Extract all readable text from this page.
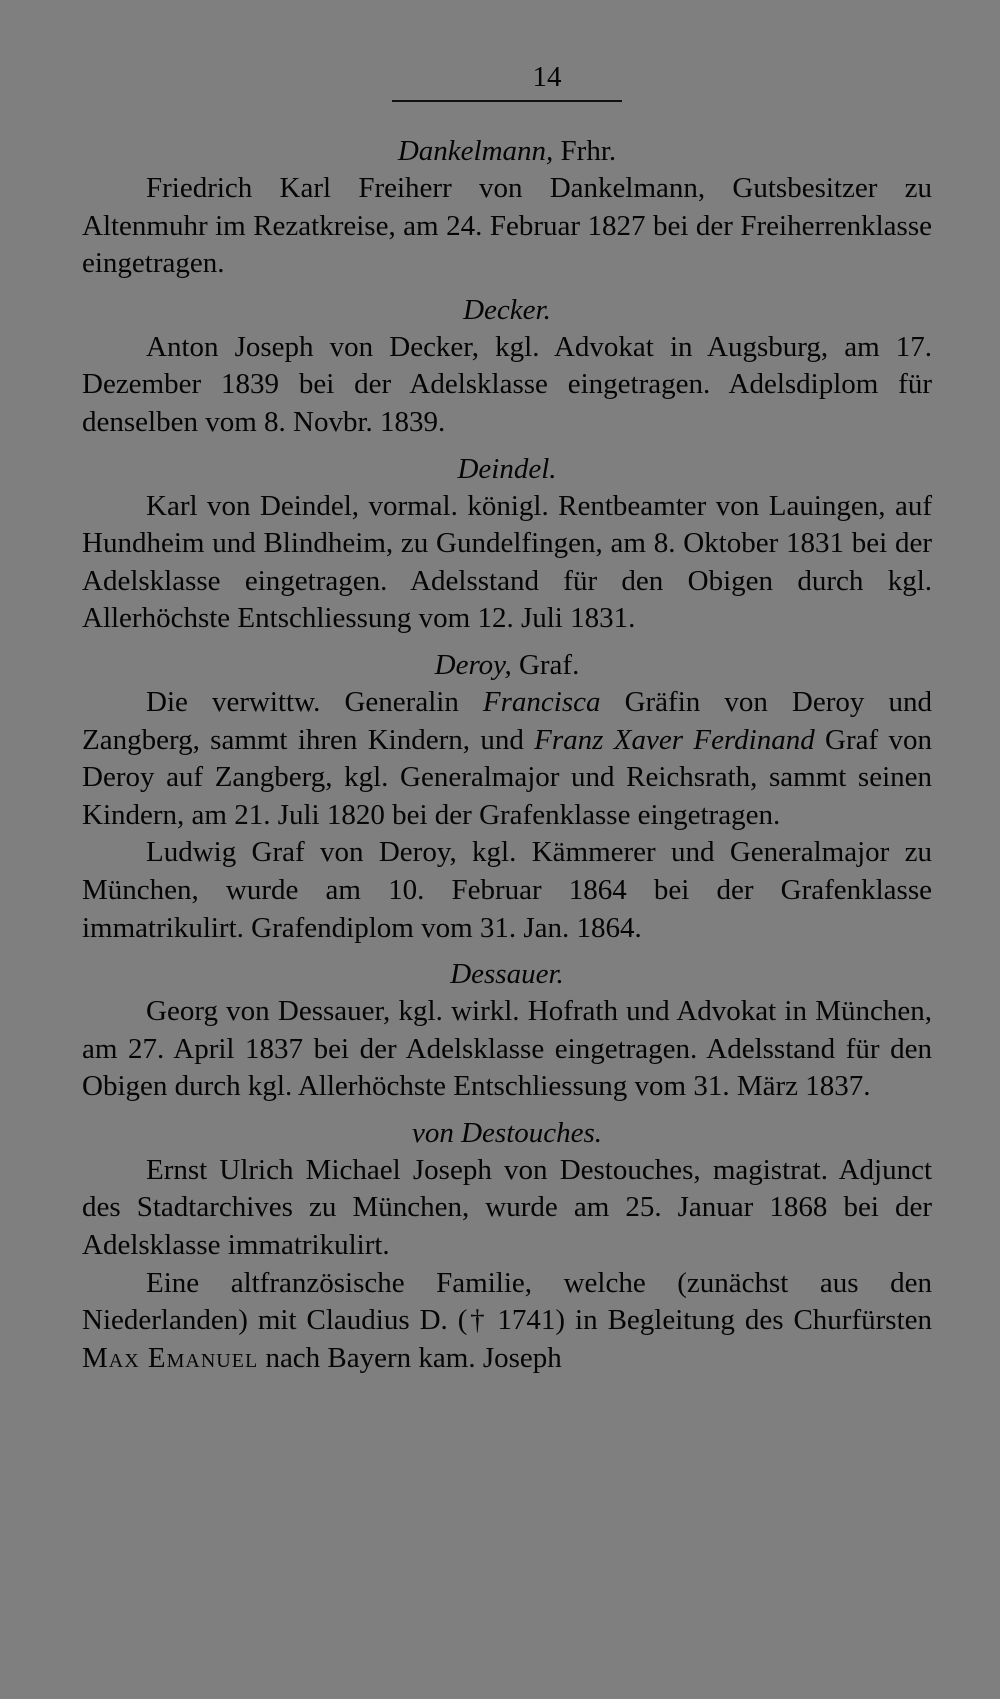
14
Dankelmann, Frhr.

Friedrich Karl Freiherr von Dankelmann, Gutsbesitzer zu Altenmuhr im Rezatkreise, am 24. Februar 1827 bei der Freiherrenklasse eingetragen.

Decker.

Anton Joseph von Decker, kgl. Advokat in Augsburg, am 17. Dezember 1839 bei der Adelsklasse eingetragen. Adelsdiplom für denselben vom 8. Novbr. 1839.

Deindel.

Karl von Deindel, vormal. königl. Rentbeamter von Lauingen, auf Hundheim und Blindheim, zu Gundelfingen, am 8. Oktober 1831 bei der Adelsklasse eingetragen. Adelsstand für den Obigen durch kgl. Allerhöchste Entschliessung vom 12. Juli 1831.

Deroy, Graf.

Die verwittw. Generalin Francisca Gräfin von Deroy und Zangberg, sammt ihren Kindern, und Franz Xaver Ferdinand Graf von Deroy auf Zangberg, kgl. Generalmajor und Reichsrath, sammt seinen Kindern, am 21. Juli 1820 bei der Grafenklasse eingetragen.

Ludwig Graf von Deroy, kgl. Kämmerer und Generalmajor zu München, wurde am 10. Februar 1864 bei der Grafenklasse immatrikulirt. Grafendiplom vom 31. Jan. 1864.

Dessauer.

Georg von Dessauer, kgl. wirkl. Hofrath und Advokat in München, am 27. April 1837 bei der Adelsklasse eingetragen. Adelsstand für den Obigen durch kgl. Allerhöchste Entschliessung vom 31. März 1837.

von Destouches.

Ernst Ulrich Michael Joseph von Destouches, magistrat. Adjunct des Stadtarchives zu München, wurde am 25. Januar 1868 bei der Adelsklasse immatrikulirt.

Eine altfranzösische Familie, welche (zunächst aus den Niederlanden) mit Claudius D. († 1741) in Begleitung des Churfürsten Max Emanuel nach Bayern kam. Joseph
